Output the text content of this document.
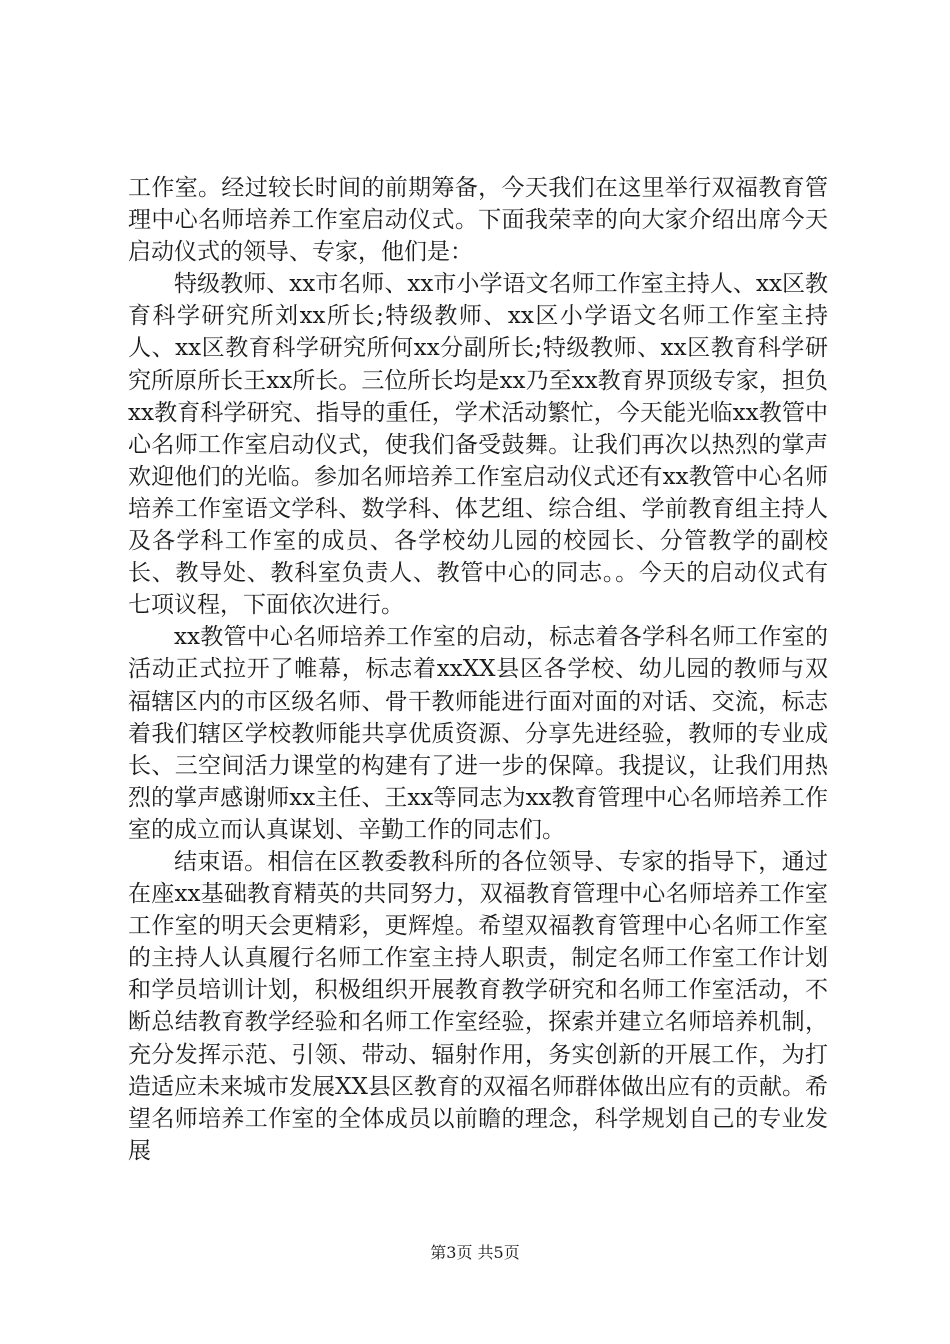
工作室。经过较长时间的前期筹备，今天我们在这里举行双福教育管理中心名师培养工作室启动仪式。下面我荣幸的向大家介绍出席今天启动仪式的领导、专家，他们是：

特级教师、xx市名师、xx市小学语文名师工作室主持人、xx区教育科学研究所刘xx所长;特级教师、xx区小学语文名师工作室主持人、xx区教育科学研究所何xx分副所长;特级教师、xx区教育科学研究所原所长王xx所长。三位所长均是xx乃至xx教育界顶级专家，担负xx教育科学研究、指导的重任，学术活动繁忙，今天能光临xx教管中心名师工作室启动仪式，使我们备受鼓舞。让我们再次以热烈的掌声欢迎他们的光临。参加名师培养工作室启动仪式还有xx教管中心名师培养工作室语文学科、数学科、体艺组、综合组、学前教育组主持人及各学科工作室的成员、各学校幼儿园的校园长、分管教学的副校长、教导处、教科室负责人、教管中心的同志。。今天的启动仪式有七项议程，下面依次进行。

xx教管中心名师培养工作室的启动，标志着各学科名师工作室的活动正式拉开了帷幕，标志着xxXX县区各学校、幼儿园的教师与双福辖区内的市区级名师、骨干教师能进行面对面的对话、交流，标志着我们辖区学校教师能共享优质资源、分享先进经验，教师的专业成长、三空间活力课堂的构建有了进一步的保障。我提议，让我们用热烈的掌声感谢师xx主任、王xx等同志为xx教育管理中心名师培养工作室的成立而认真谋划、辛勤工作的同志们。

结束语。相信在区教委教科所的各位领导、专家的指导下，通过在座xx基础教育精英的共同努力，双福教育管理中心名师培养工作室工作室的明天会更精彩，更辉煌。希望双福教育管理中心名师工作室的主持人认真履行名师工作室主持人职责，制定名师工作室工作计划和学员培训计划，积极组织开展教育教学研究和名师工作室活动，不断总结教育教学经验和名师工作室经验，探索并建立名师培养机制，充分发挥示范、引领、带动、辐射作用，务实创新的开展工作，为打造适应未来城市发展XX县区教育的双福名师群体做出应有的贡献。希望名师培养工作室的全体成员以前瞻的理念，科学规划自己的专业发展

第3页 共5页
